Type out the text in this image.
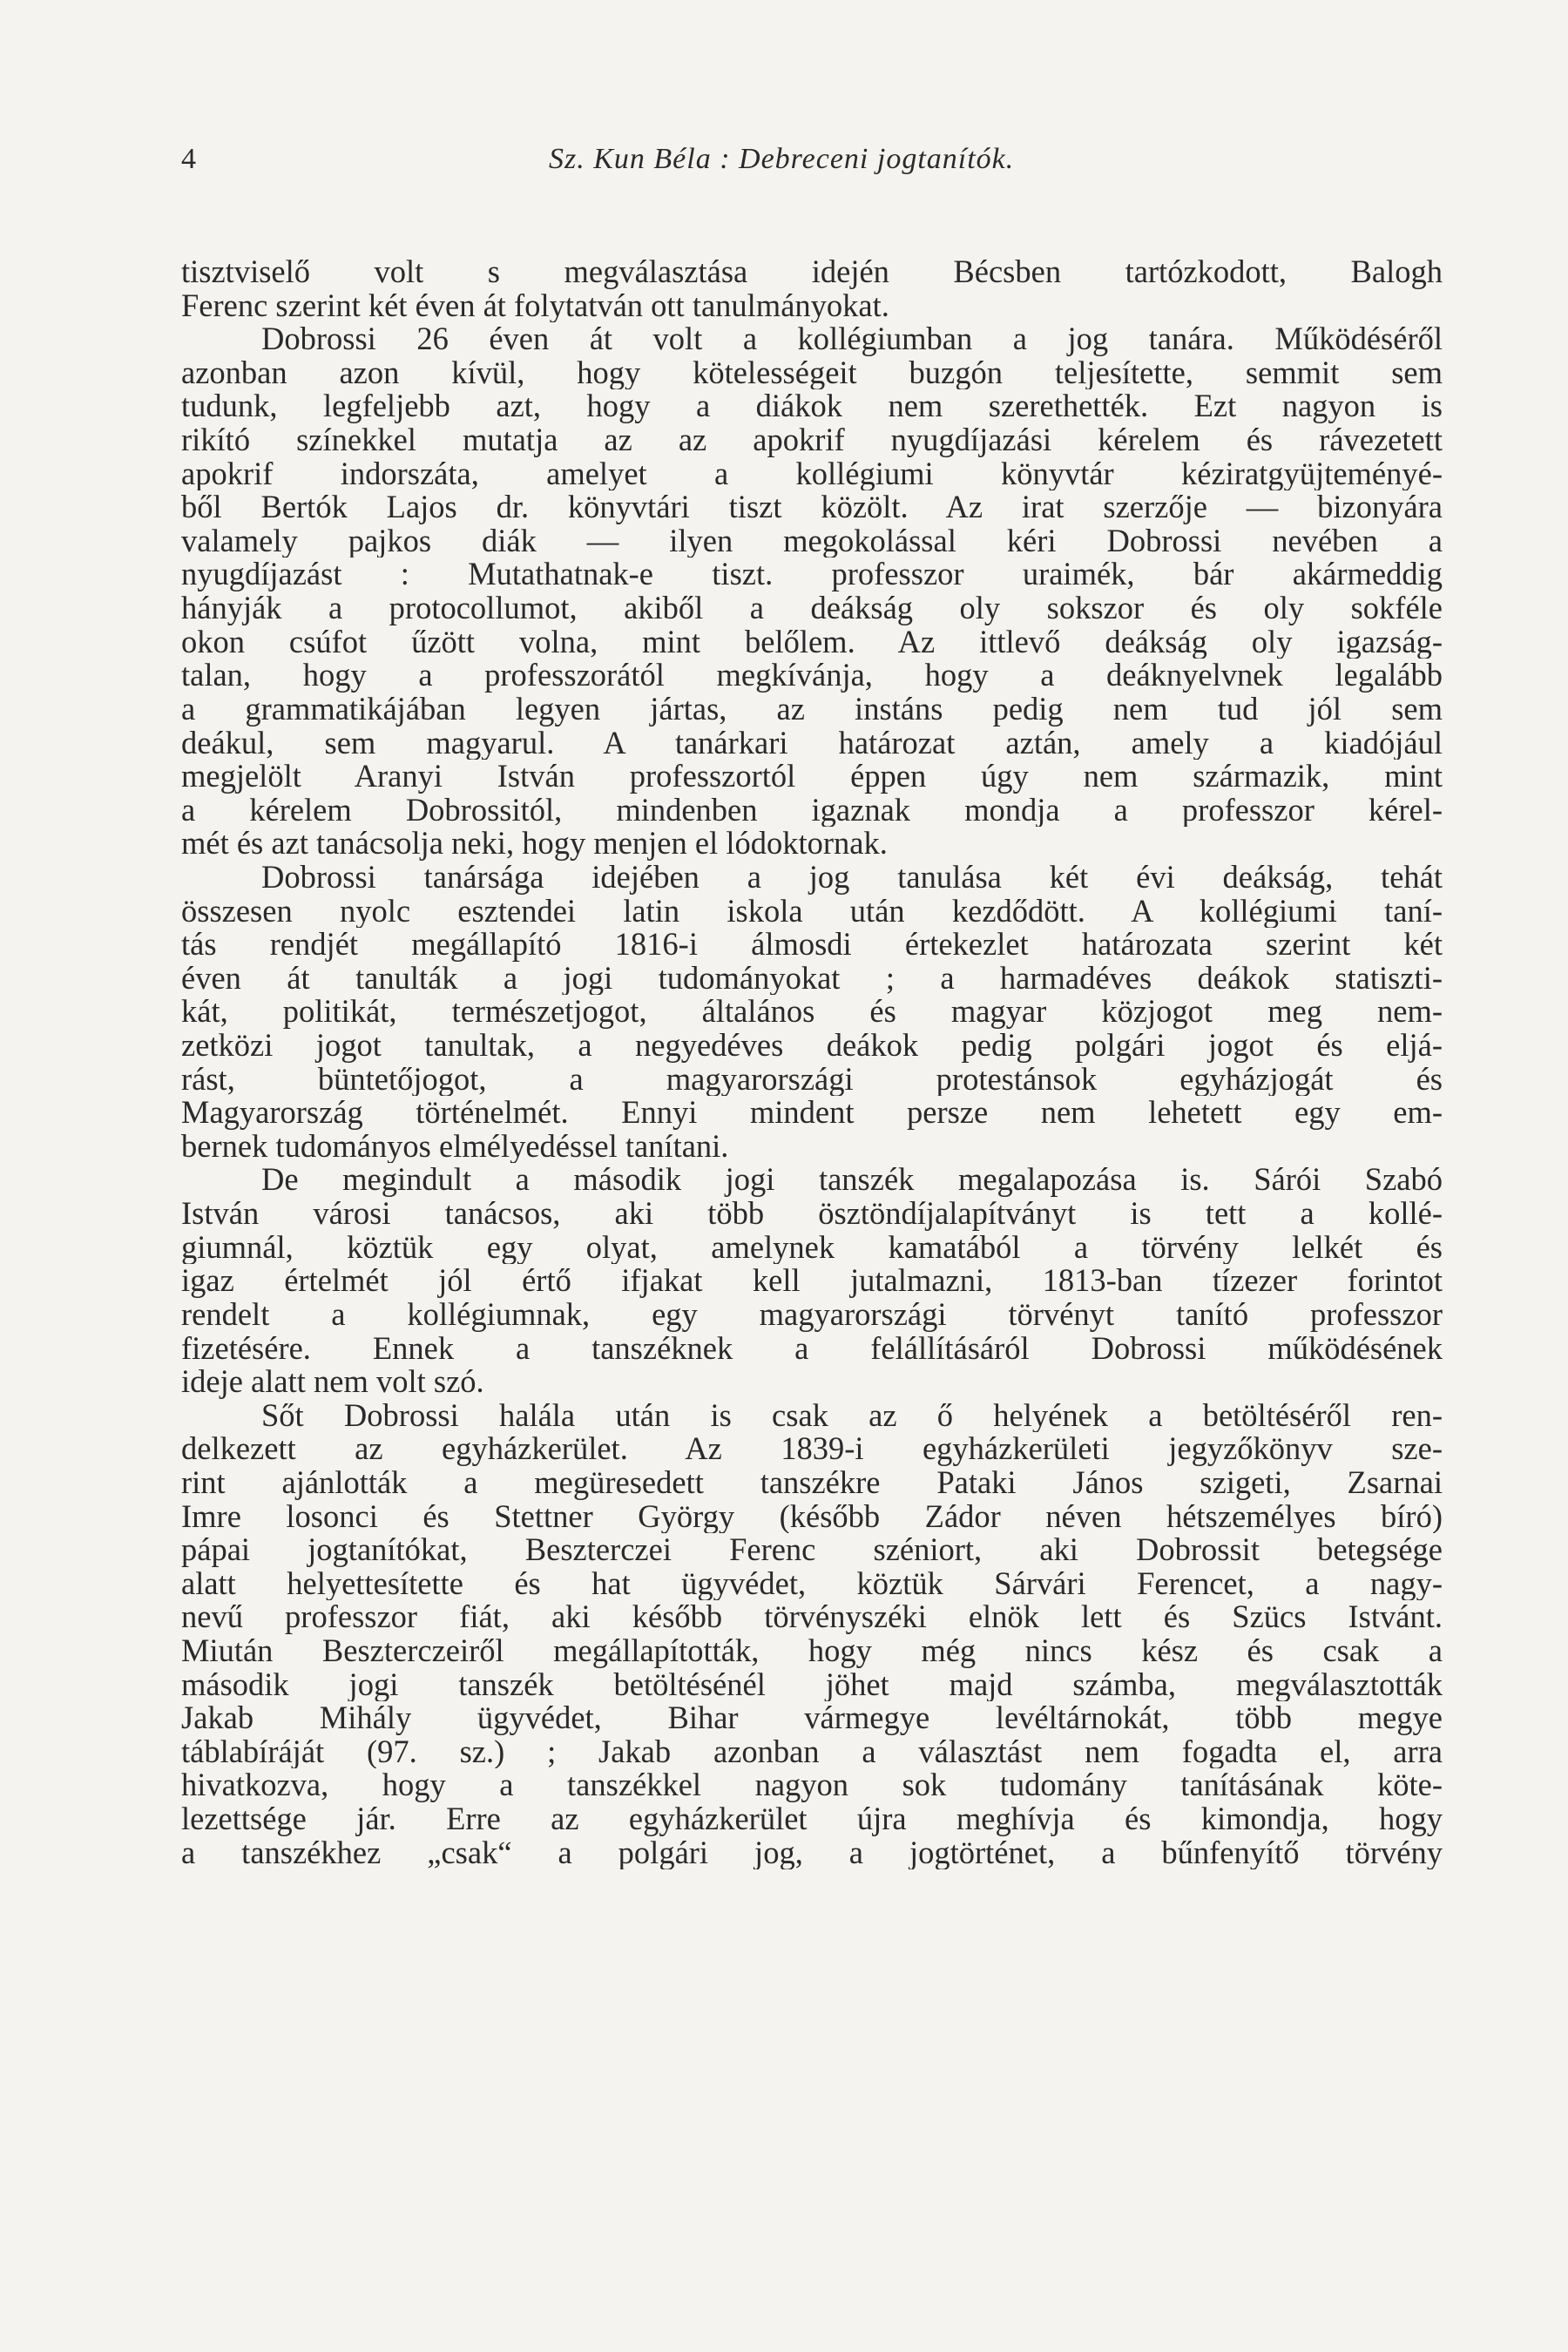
4	Sz. Kun Béla : Debreceni jogtanítók.
tisztviselő volt s megválasztása idején Bécsben tartózkodott, Balogh
Ferenc szerint két éven át folytatván ott tanulmányokat.
Dobrossi 26 éven át volt a kollégiumban a jog tanára. Működéséről
azonban azon kívül, hogy kötelességeit buzgón teljesítette, semmit sem
tudunk, legfeljebb azt, hogy a diákok nem szerethették. Ezt nagyon is
rikító színekkel mutatja az az apokrif nyugdíjazási kérelem és rávezetett
apokrif indorszáta, amelyet a kollégiumi könyvtár kéziratgyüjteményé-
ből Bertók Lajos dr. könyvtári tiszt közölt. Az irat szerzője — bizonyára
valamely pajkos diák — ilyen megokolással kéri Dobrossi nevében a
nyugdíjazást : Mutathatnak-e tiszt. professzor uraimék, bár akármeddig
hányják a protocollumot, akiből a deákság oly sokszor és oly sokféle
okon csúfot űzött volna, mint belőlem. Az ittlevő deákság oly igazság-
talan, hogy a professzorától megkívánja, hogy a deáknyelvnek legalább
a grammatikájában legyen jártas, az instáns pedig nem tud jól sem
deákul, sem magyarul. A tanárkari határozat aztán, amely a kiadójául
megjelölt Aranyi István professzortól éppen úgy nem származik, mint
a kérelem Dobrossitól, mindenben igaznak mondja a professzor kérel-
mét és azt tanácsolja neki, hogy menjen el lódoktornak.
Dobrossi tanársága idejében a jog tanulása két évi deákság, tehát
összesen nyolc esztendei latin iskola után kezdődött. A kollégiumi taní-
tás rendjét megállapító 1816-i álmosdi értekezlet határozata szerint két
éven át tanulták a jogi tudományokat ; a harmadéves deákok statiszti-
kát, politikát, természetjogot, általános és magyar közjogot meg nem-
zetközi jogot tanultak, a negyedéves deákok pedig polgári jogot és eljá-
rást, büntetőjogot, a magyarországi protestánsok egyházjogát és
Magyarország történelmét. Ennyi mindent persze nem lehetett egy em-
bernek tudományos elmélyedéssel tanítani.
De megindult a második jogi tanszék megalapozása is. Sárói Szabó
István városi tanácsos, aki több ösztöndíjalapítványt is tett a kollé-
giumnál, köztük egy olyat, amelynek kamatából a törvény lelkét és
igaz értelmét jól értő ifjakat kell jutalmazni, 1813-ban tízezer forintot
rendelt a kollégiumnak, egy magyarországi törvényt tanító professzor
fizetésére. Ennek a tanszéknek a felállításáról Dobrossi működésének
ideje alatt nem volt szó.
Sőt Dobrossi halála után is csak az ő helyének a betöltéséről ren-
delkezett az egyházkerület. Az 1839-i egyházkerületi jegyzőkönyv sze-
rint ajánlották a megüresedett tanszékre Pataki János szigeti, Zsarnai
Imre losonci és Stettner György (később Zádor néven hétszemélyes bíró)
pápai jogtanítókat, Beszterczei Ferenc széniort, aki Dobrossit betegsége
alatt helyettesítette és hat ügyvédet, köztük Sárvári Ferencet, a nagy-
nevű professzor fiát, aki később törvényszéki elnök lett és Szücs Istvánt.
Miután Beszterczeiről megállapították, hogy még nincs kész és csak a
második jogi tanszék betöltésénél jöhet majd számba, megválasztották
Jakab Mihály ügyvédet, Bihar vármegye levéltárnokát, több megye
táblabíráját (97. sz.) ; Jakab azonban a választást nem fogadta el, arra
hivatkozva, hogy a tanszékkel nagyon sok tudomány tanításának köte-
lezettsége jár. Erre az egyházkerület újra meghívja és kimondja, hogy
a tanszékhez „csak“ a polgári jog, a jogtörténet, a bűnfenyítő törvény
